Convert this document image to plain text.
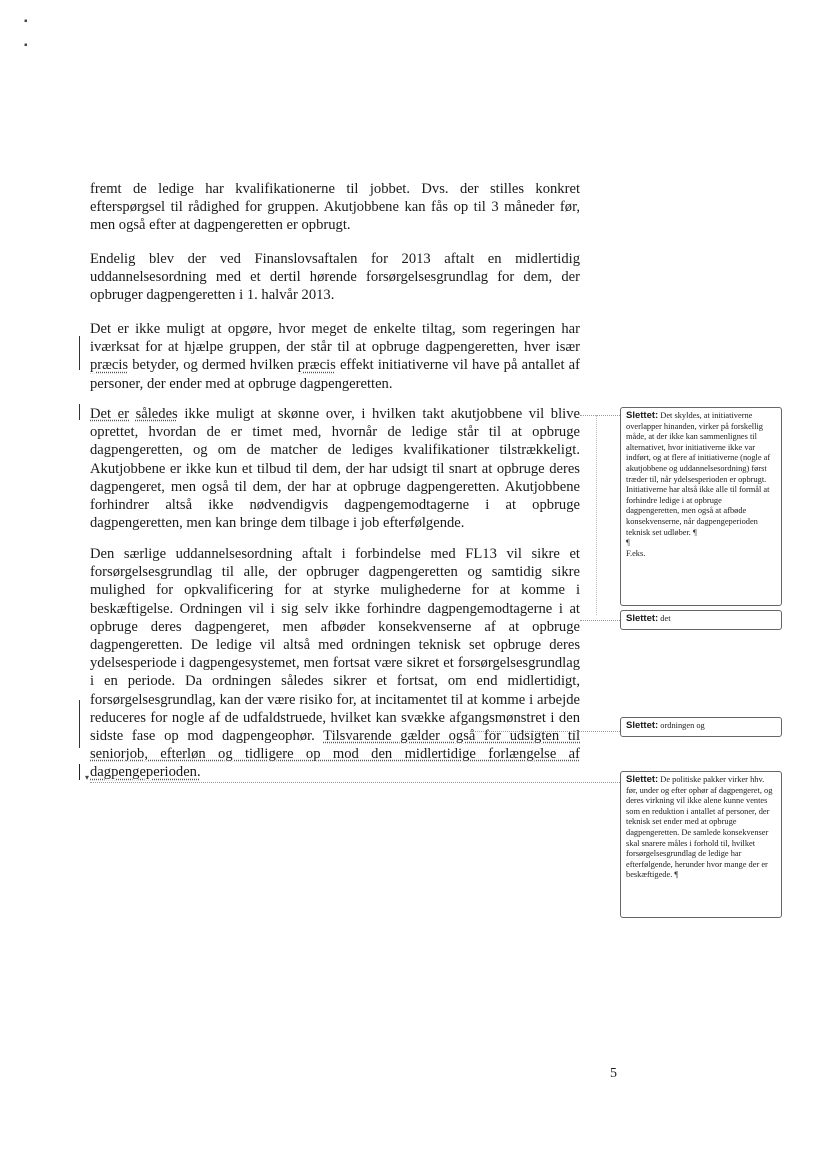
▪
▪

fremt de ledige har kvalifikationerne til jobbet. Dvs. der stilles konkret efterspørgsel til rådighed for gruppen. Akutjobbene kan fås op til 3 måneder før, men også efter at dagpengeretten er opbrugt.

Endelig blev der ved Finanslovsaftalen for 2013 aftalt en midlertidig uddannelsesordning med et dertil hørende forsørgelsesgrundlag for dem, der opbruger dagpengeretten i 1. halvår 2013.

Det er ikke muligt at opgøre, hvor meget de enkelte tiltag, som regeringen har iværksat for at hjælpe gruppen, der står til at opbruge dagpengeretten, hver især præcis betyder, og dermed hvilken præcis effekt initiativerne vil have på antallet af personer, der ender med at opbruge dagpengeretten.

Det er således ikke muligt at skønne over, i hvilken takt akutjobbene vil blive oprettet, hvordan de er timet med, hvornår de ledige står til at opbruge dagpengeretten, og om de matcher de lediges kvalifikationer tilstrækkeligt. Akutjobbene er ikke kun et tilbud til dem, der har udsigt til snart at opbruge deres dagpengeret, men også til dem, der har at opbruge dagpengeretten. Akutjobbene forhindrer altså ikke nødvendigvis dagpengemodtagerne i at opbruge dagpengeretten, men kan bringe dem tilbage i job efterfølgende.

Den særlige uddannelsesordning aftalt i forbindelse med FL13 vil sikre et forsørgelsesgrundlag til alle, der opbruger dagpengeretten og samtidig sikre mulighed for opkvalificering for at styrke mulighederne for at komme i beskæftigelse. Ordningen vil i sig selv ikke forhindre dagpengemodtagerne i at opbruge deres dagpengeret, men afbøder konsekvenserne af at opbruge dagpengeretten. De ledige vil altså med ordningen teknisk set opbruge deres ydelsesperiode i dagpengesystemet, men fortsat være sikret et forsørgelsesgrundlag i en periode. Da ordningen således sikrer et fortsat, om end midlertidigt, forsørgelsesgrundlag, kan der være risiko for, at incitamentet til at komme i arbejde reduceres for nogle af de udfaldstruede, hvilket kan svække afgangsmønstret i den sidste fase op mod dagpengeophør. Tilsvarende gælder også for udsigten til seniorjob, efterløn og tidligere op mod den midlertidige forlængelse af dagpengeperioden.

▾
Slettet: Det skyldes, at initiativerne overlapper hinanden, virker på forskellig måde, at der ikke kan sammenlignes til alternativet, hvor initiativerne ikke var indført, og at flere af initiativerne (nogle af akutjobbene og uddannelsesordning) først træder til, når ydelsesperioden er opbrugt. Initiativerne har altså ikke alle til formål at forhindre ledige i at opbruge dagpengeretten, men også at afbøde konsekvenserne, når dagpengeperioden teknisk set udløber. ¶
¶
F.eks.
Slettet: det
Slettet: ordningen og
Slettet: De politiske pakker virker hhv. før, under og efter ophør af dagpengeret, og deres virkning vil ikke alene kunne ventes som en reduktion i antallet af personer, der teknisk set ender med at opbruge dagpengeretten. De samlede konsekvenser skal snarere måles i forhold til, hvilket forsørgelsesgrundlag de ledige har efterfølgende, herunder hvor mange der er beskæftigede. ¶
5
